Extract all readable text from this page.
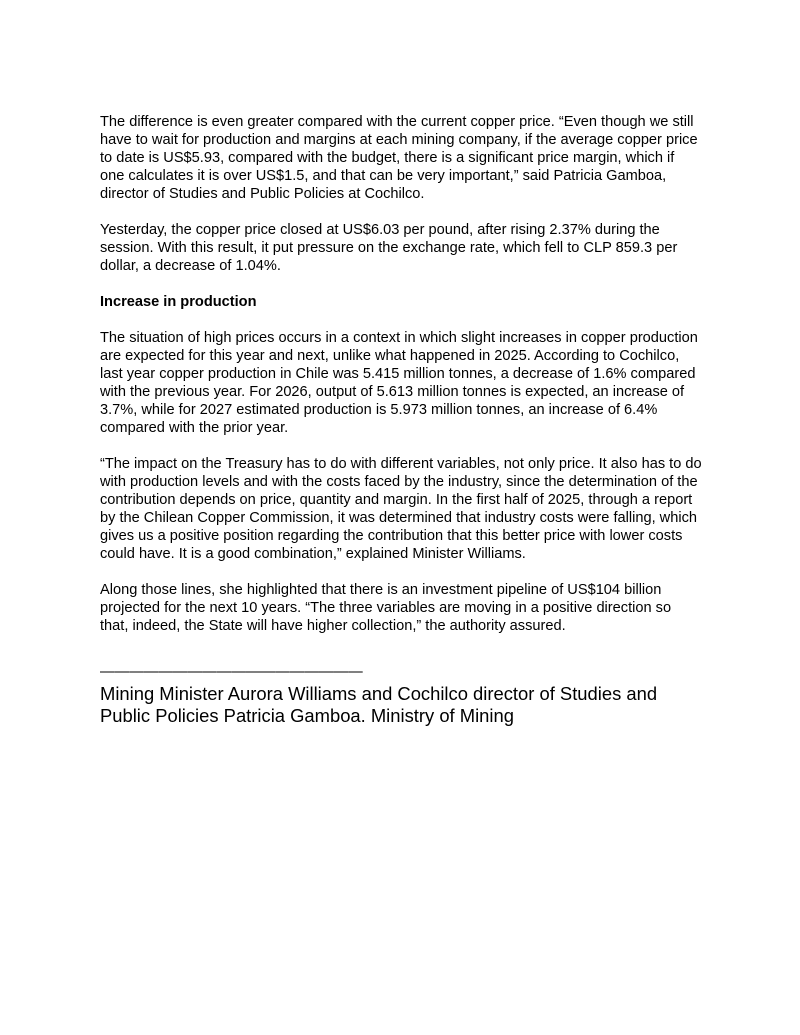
The difference is even greater compared with the current copper price. “Even though we still have to wait for production and margins at each mining company, if the average copper price to date is US$5.93, compared with the budget, there is a significant price margin, which if one calculates it is over US$1.5, and that can be very important,” said Patricia Gamboa, director of Studies and Public Policies at Cochilco.

Yesterday, the copper price closed at US$6.03 per pound, after rising 2.37% during the session. With this result, it put pressure on the exchange rate, which fell to CLP 859.3 per dollar, a decrease of 1.04%.

Increase in production

The situation of high prices occurs in a context in which slight increases in copper production are expected for this year and next, unlike what happened in 2025. According to Cochilco, last year copper production in Chile was 5.415 million tonnes, a decrease of 1.6% compared with the previous year. For 2026, output of 5.613 million tonnes is expected, an increase of 3.7%, while for 2027 estimated production is 5.973 million tonnes, an increase of 6.4% compared with the prior year.

“The impact on the Treasury has to do with different variables, not only price. It also has to do with production levels and with the costs faced by the industry, since the determination of the contribution depends on price, quantity and margin. In the first half of 2025, through a report by the Chilean Copper Commission, it was determined that industry costs were falling, which gives us a positive position regarding the contribution that this better price with lower costs could have. It is a good combination,” explained Minister Williams.

Along those lines, she highlighted that there is an investment pipeline of US$104 billion projected for the next 10 years. “The three variables are moving in a positive direction so that, indeed, the State will have higher collection,” the authority assured.

——————————————————

Mining Minister Aurora Williams and Cochilco director of Studies and Public Policies Patricia Gamboa. Ministry of Mining
